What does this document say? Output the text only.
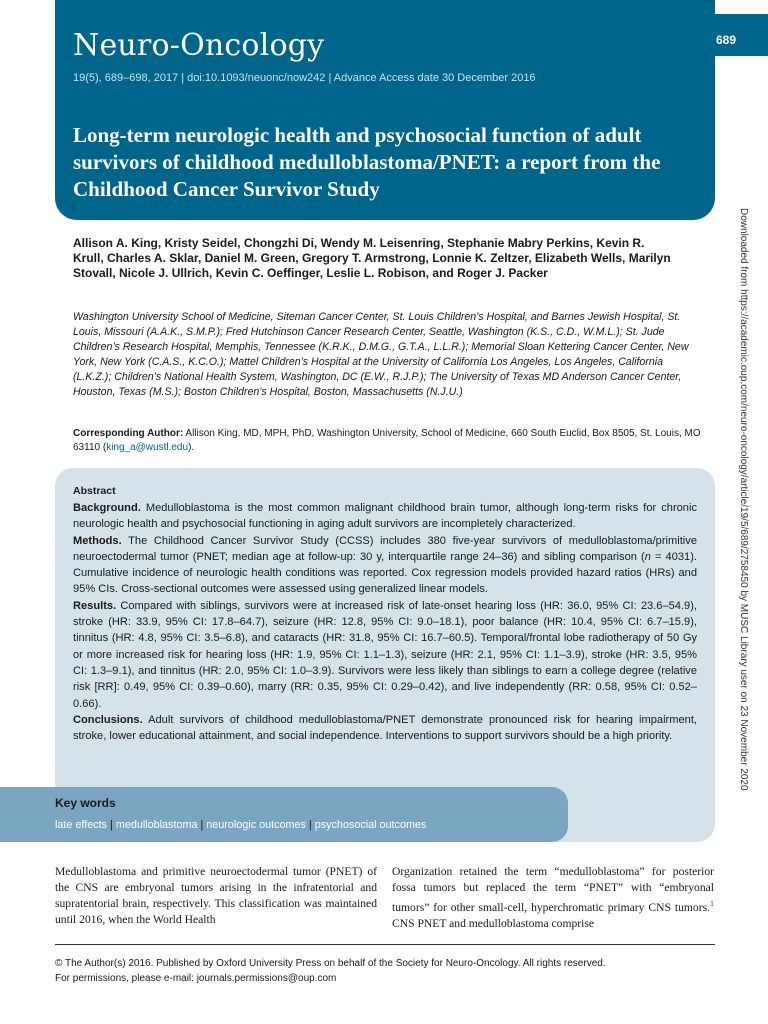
689
Neuro-Oncology
19(5), 689–698, 2017 | doi:10.1093/neuonc/now242 | Advance Access date 30 December 2016
Long-term neurologic health and psychosocial function of adult survivors of childhood medulloblastoma/PNET: a report from the Childhood Cancer Survivor Study
Downloaded from https://academic.oup.com/neuro-oncology/article/19/5/689/2758450 by MUSC Library user on 23 November 2020
Allison A. King, Kristy Seidel, Chongzhi Di, Wendy M. Leisenring, Stephanie Mabry Perkins, Kevin R. Krull, Charles A. Sklar, Daniel M. Green, Gregory T. Armstrong, Lonnie K. Zeltzer, Elizabeth Wells, Marilyn Stovall, Nicole J. Ullrich, Kevin C. Oeffinger, Leslie L. Robison, and Roger J. Packer
Washington University School of Medicine, Siteman Cancer Center, St. Louis Children’s Hospital, and Barnes Jewish Hospital, St. Louis, Missouri (A.A.K., S.M.P.); Fred Hutchinson Cancer Research Center, Seattle, Washington (K.S., C.D., W.M.L.); St. Jude Children’s Research Hospital, Memphis, Tennessee (K.R.K., D.M.G., G.T.A., L.L.R.); Memorial Sloan Kettering Cancer Center, New York, New York (C.A.S., K.C.O.); Mattel Children’s Hospital at the University of California Los Angeles, Los Angeles, California (L.K.Z.); Children’s National Health System, Washington, DC (E.W., R.J.P.); The University of Texas MD Anderson Cancer Center, Houston, Texas (M.S.); Boston Children’s Hospital, Boston, Massachusetts (N.J.U.)
Corresponding Author: Allison King, MD, MPH, PhD, Washington University, School of Medicine, 660 South Euclid, Box 8505, St. Louis, MO 63110 (king_a@wustl.edu).
Abstract

Background. Medulloblastoma is the most common malignant childhood brain tumor, although long-term risks for chronic neurologic health and psychosocial functioning in aging adult survivors are incompletely characterized.

Methods. The Childhood Cancer Survivor Study (CCSS) includes 380 five-year survivors of medulloblastoma/primitive neuroectodermal tumor (PNET; median age at follow-up: 30 y, interquartile range 24–36) and sibling comparison (n = 4031). Cumulative incidence of neurologic health conditions was reported. Cox regression models provided hazard ratios (HRs) and 95% CIs. Cross-sectional outcomes were assessed using generalized linear models.

Results. Compared with siblings, survivors were at increased risk of late-onset hearing loss (HR: 36.0, 95% CI: 23.6–54.9), stroke (HR: 33.9, 95% CI: 17.8–64.7), seizure (HR: 12.8, 95% CI: 9.0–18.1), poor balance (HR: 10.4, 95% CI: 6.7–15.9), tinnitus (HR: 4.8, 95% CI: 3.5–6.8), and cataracts (HR: 31.8, 95% CI: 16.7–60.5). Temporal/frontal lobe radiotherapy of 50 Gy or more increased risk for hearing loss (HR: 1.9, 95% CI: 1.1–1.3), seizure (HR: 2.1, 95% CI: 1.1–3.9), stroke (HR: 3.5, 95% CI: 1.3–9.1), and tinnitus (HR: 2.0, 95% CI: 1.0–3.9). Survivors were less likely than siblings to earn a college degree (relative risk [RR]: 0.49, 95% CI: 0.39–0.60), marry (RR: 0.35, 95% CI: 0.29–0.42), and live independently (RR: 0.58, 95% CI: 0.52–0.66).

Conclusions. Adult survivors of childhood medulloblastoma/PNET demonstrate pronounced risk for hearing impairment, stroke, lower educational attainment, and social independence. Interventions to support survivors should be a high priority.

Key words
late effects | medulloblastoma | neurologic outcomes | psychosocial outcomes
Medulloblastoma and primitive neuroectodermal tumor (PNET) of the CNS are embryonal tumors arising in the infratentorial and supratentorial brain, respectively. This classification was maintained until 2016, when the World Health
Organization retained the term “medulloblastoma” for posterior fossa tumors but replaced the term “PNET” with “embryonal tumors” for other small-cell, hyperchromatic primary CNS tumors.$^1$ CNS PNET and medulloblastoma comprise
© The Author(s) 2016. Published by Oxford University Press on behalf of the Society for Neuro-Oncology. All rights reserved.
For permissions, please e-mail: journals.permissions@oup.com
